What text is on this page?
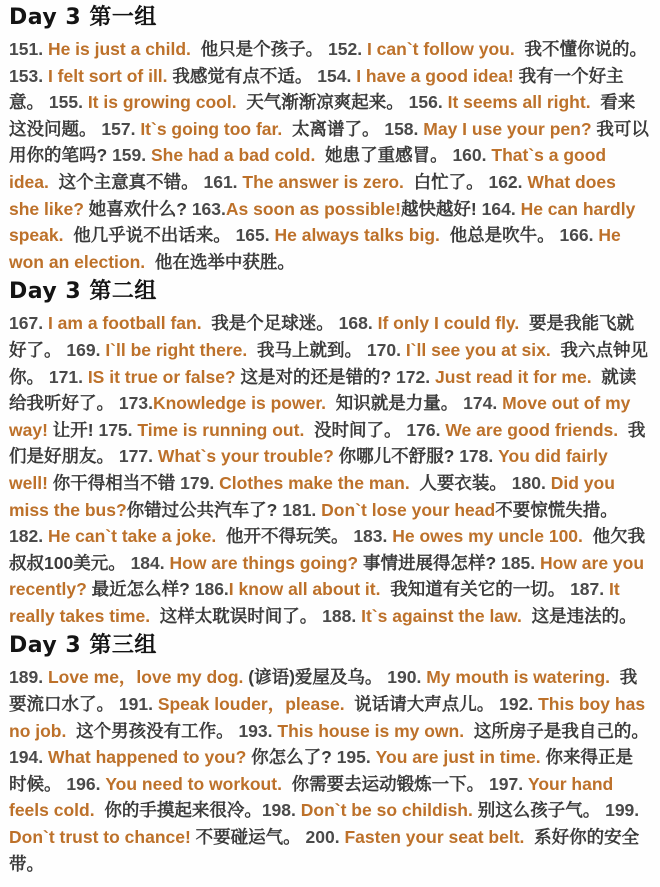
Day 3 第一组

151. He is just a child.  他只是个孩子。 152. I can`t follow you.  我不懂你说的。 153. I felt sort of ill. 我感觉有点不适。 154. I have a good idea! 我有一个好主意。 155. It is growing cool.  天气渐渐凉爽起来。 156. It seems all right.  看来这没问题。 157. It`s going too far.  太离谱了。 158. May I use your pen? 我可以用你的笔吗? 159. She had a bad cold.  她患了重感冒。 160. That`s a good idea.  这个主意真不错。 161. The answer is zero.  白忙了。 162. What does she like? 她喜欢什么? 163.As soon as possible!越快越好! 164. He can hardly speak.  他几乎说不出话来。 165. He always talks big.  他总是吹牛。 166. He won an election.  他在选举中获胜。

Day 3 第二组

167. I am a football fan.  我是个足球迷。 168. If only I could fly.  要是我能飞就好了。 169. I`ll be right there.  我马上就到。 170. I`ll see you at six.  我六点钟见你。 171. IS it true or false? 这是对的还是错的? 172. Just read it for me.  就读给我听好了。 173.Knowledge is power.  知识就是力量。 174. Move out of my way! 让开! 175. Time is running out.  没时间了。 176. We are good friends.  我们是好朋友。 177. What`s your trouble? 你哪儿不舒服? 178. You did fairly well! 你干得相当不错 179. Clothes make the man.  人要衣装。 180. Did you miss the bus?你错过公共汽车了? 181. Don`t lose your head不要惊慌失措。 182. He can`t take a joke.  他开不得玩笑。 183. He owes my uncle 100.  他欠我叔叔100美元。 184. How are things going? 事情进展得怎样? 185. How are you recently? 最近怎么样? 186.I know all about it.  我知道有关它的一切。 187. It really takes time.  这样太耽误时间了。 188. It`s against the law.  这是违法的。

Day 3 第三组

189. Love me，love my dog. (谚语)爱屋及乌。 190. My mouth is watering.  我要流口水了。 191. Speak louder，please.  说话请大声点儿。 192. This boy has no job.  这个男孩没有工作。 193. This house is my own.  这所房子是我自己的。 194. What happened to you? 你怎么了? 195. You are just in time. 你来得正是时候。 196. You need to workout.  你需要去运动锻炼一下。 197. Your hand feels cold.  你的手摸起来很冷。198. Don`t be so childish. 别这么孩子气。 199. Don`t trust to chance! 不要碰运气。 200. Fasten your seat belt.  系好你的安全带。
